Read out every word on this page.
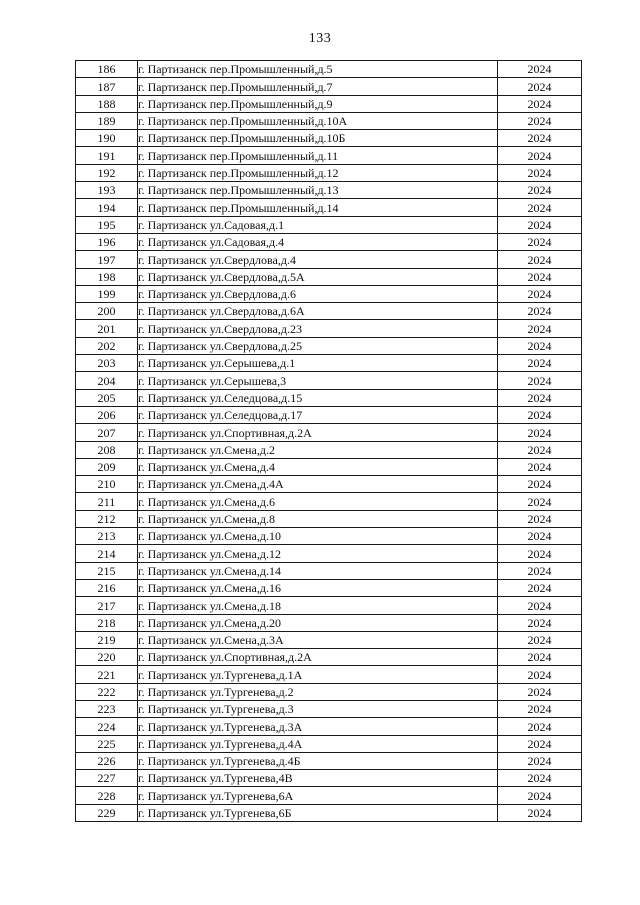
133
186	г. Партизанск пер.Промышленный,д.5	2024
187	г. Партизанск пер.Промышленный,д.7	2024
188	г. Партизанск пер.Промышленный,д.9	2024
189	г. Партизанск пер.Промышленный,д.10А	2024
190	г. Партизанск пер.Промышленный,д.10Б	2024
191	г. Партизанск пер.Промышленный,д.11	2024
192	г. Партизанск пер.Промышленный,д.12	2024
193	г. Партизанск пер.Промышленный,д.13	2024
194	г. Партизанск пер.Промышленный,д.14	2024
195	г. Партизанск ул.Садовая,д.1	2024
196	г. Партизанск ул.Садовая,д.4	2024
197	г. Партизанск ул.Свердлова,д.4	2024
198	г. Партизанск ул.Свердлова,д.5А	2024
199	г. Партизанск ул.Свердлова,д.6	2024
200	г. Партизанск ул.Свердлова,д.6А	2024
201	г. Партизанск ул.Свердлова,д.23	2024
202	г. Партизанск ул.Свердлова,д.25	2024
203	г. Партизанск ул.Серышева,д.1	2024
204	г. Партизанск ул.Серышева,3	2024
205	г. Партизанск ул.Селедцова,д.15	2024
206	г. Партизанск ул.Селедцова,д.17	2024
207	г. Партизанск ул.Спортивная,д.2А	2024
208	г. Партизанск ул.Смена,д.2	2024
209	г. Партизанск ул.Смена,д.4	2024
210	г. Партизанск ул.Смена,д.4А	2024
211	г. Партизанск ул.Смена,д.6	2024
212	г. Партизанск ул.Смена,д.8	2024
213	г. Партизанск ул.Смена,д.10	2024
214	г. Партизанск ул.Смена,д.12	2024
215	г. Партизанск ул.Смена,д.14	2024
216	г. Партизанск ул.Смена,д.16	2024
217	г. Партизанск ул.Смена,д.18	2024
218	г. Партизанск ул.Смена,д.20	2024
219	г. Партизанск ул.Смена,д.3А	2024
220	г. Партизанск ул.Спортивная,д.2А	2024
221	г. Партизанск ул.Тургенева,д.1А	2024
222	г. Партизанск ул.Тургенева,д.2	2024
223	г. Партизанск ул.Тургенева,д.3	2024
224	г. Партизанск ул.Тургенева,д.3А	2024
225	г. Партизанск ул.Тургенева,д.4А	2024
226	г. Партизанск ул.Тургенева,д.4Б	2024
227	г. Партизанск ул.Тургенева,4В	2024
228	г. Партизанск ул.Тургенева,6А	2024
229	г. Партизанск ул.Тургенева,6Б	2024
